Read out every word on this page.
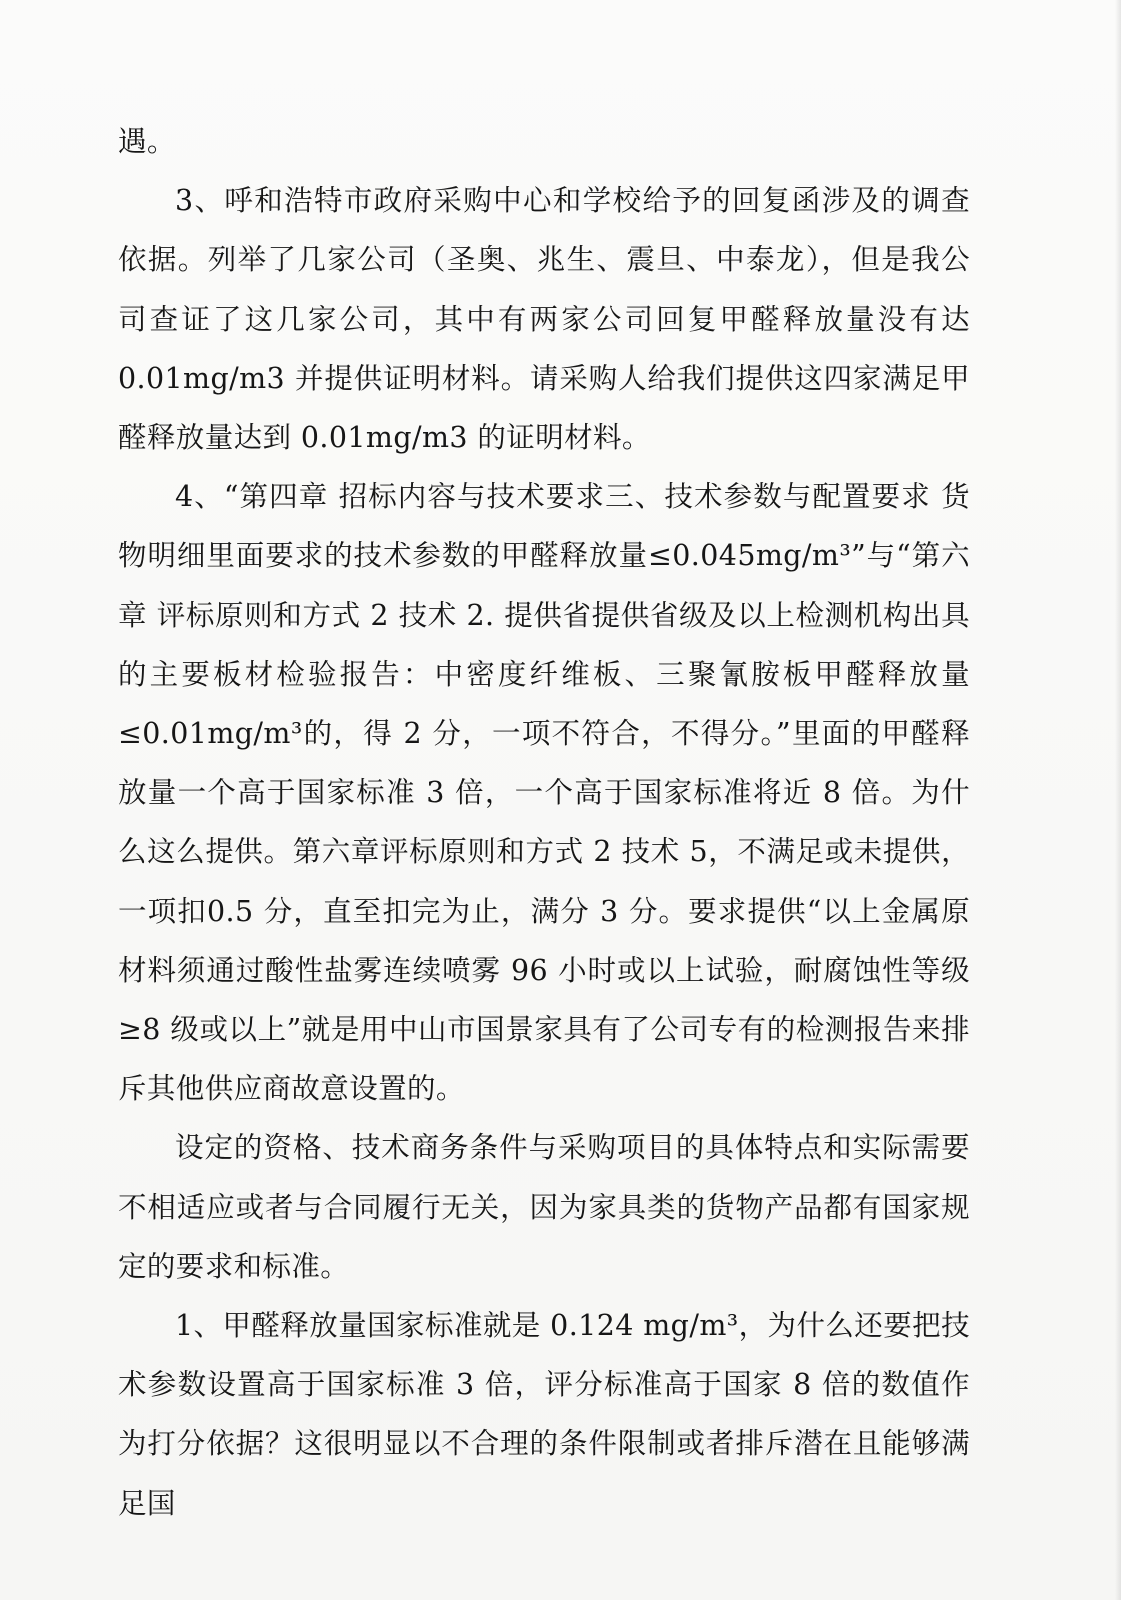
遇。

3、呼和浩特市政府采购中心和学校给予的回复函涉及的调查依据。列举了几家公司（圣奥、兆生、震旦、中泰龙），但是我公司查证了这几家公司，其中有两家公司回复甲醛释放量没有达0.01mg/m3 并提供证明材料。请采购人给我们提供这四家满足甲醛释放量达到 0.01mg/m3 的证明材料。

4、“第四章 招标内容与技术要求三、技术参数与配置要求 货物明细里面要求的技术参数的甲醛释放量≤0.045mg/m³”与“第六章 评标原则和方式 2 技术 2. 提供省提供省级及以上检测机构出具的主要板材检验报告：中密度纤维板、三聚氰胺板甲醛释放量≤0.01mg/m³的，得 2 分，一项不符合，不得分。”里面的甲醛释放量一个高于国家标准 3 倍，一个高于国家标准将近 8 倍。为什么这么提供。第六章评标原则和方式 2 技术 5，不满足或未提供，一项扣0.5 分，直至扣完为止，满分 3 分。要求提供“以上金属原材料须通过酸性盐雾连续喷雾 96 小时或以上试验，耐腐蚀性等级≥8 级或以上”就是用中山市国景家具有了公司专有的检测报告来排斥其他供应商故意设置的。

设定的资格、技术商务条件与采购项目的具体特点和实际需要不相适应或者与合同履行无关，因为家具类的货物产品都有国家规定的要求和标准。

1、甲醛释放量国家标准就是 0.124 mg/m³，为什么还要把技术参数设置高于国家标准 3 倍，评分标准高于国家 8 倍的数值作为打分依据？这很明显以不合理的条件限制或者排斥潜在且能够满足国
